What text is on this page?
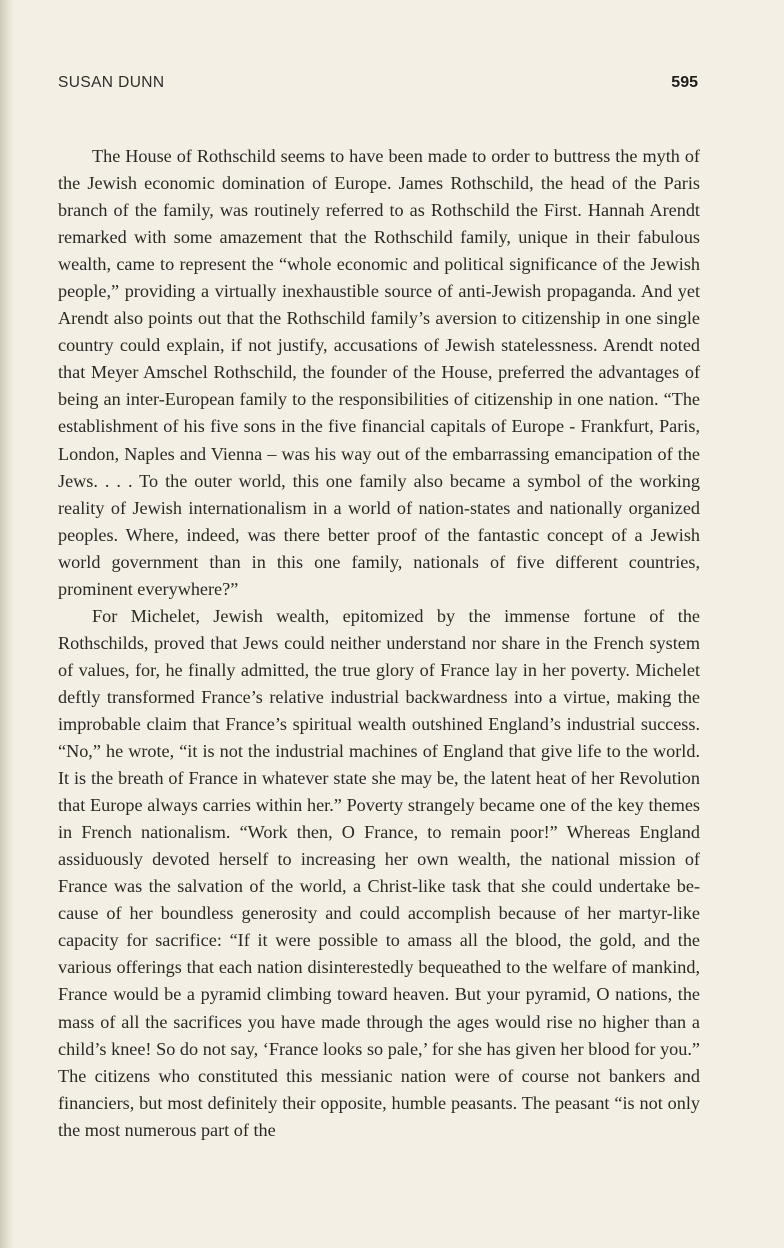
SUSAN DUNN	595

The House of Rothschild seems to have been made to order to buttress the myth of the Jewish economic domination of Europe. James Rothschild, the head of the Paris branch of the family, was routinely referred to as Rothschild the First. Hannah Arendt remarked with some amazement that the Rothschild family, unique in their fabulous wealth, came to represent the “whole economic and political significance of the Jewish people,” providing a virtually inexhaustible source of anti-Jewish propaganda. And yet Arendt also points out that the Rothschild family’s aversion to citizenship in one single country could explain, if not justify, accusations of Jewish statelessness. Arendt noted that Meyer Amschel Rothschild, the founder of the House, preferred the advantages of being an inter-European family to the responsibilities of citizenship in one nation. “The establishment of his five sons in the five financial capitals of Europe - Frankfurt, Paris, London, Naples and Vienna – was his way out of the embarrassing emancipation of the Jews. . . . To the outer world, this one family also became a symbol of the working reality of Jewish internationalism in a world of nation-states and nationally organized peoples. Where, indeed, was there better proof of the fantastic concept of a Jewish world government than in this one family, nationals of five different countries, prominent everywhere?”

For Michelet, Jewish wealth, epitomized by the immense fortune of the Rothschilds, proved that Jews could neither understand nor share in the French system of values, for, he finally admitted, the true glory of France lay in her poverty. Michelet deftly transformed France’s relative industrial backwardness into a virtue, making the improbable claim that France’s spiritual wealth outshined England’s industrial success. “No,” he wrote, “it is not the industrial machines of England that give life to the world. It is the breath of France in whatever state she may be, the latent heat of her Revolution that Europe always carries within her.” Poverty strangely became one of the key themes in French nationalism. “Work then, O France, to remain poor!” Whereas England assiduously devoted herself to increasing her own wealth, the national mission of France was the salvation of the world, a Christ-like task that she could undertake because of her boundless generosity and could accomplish because of her martyr-like capacity for sacrifice: “If it were possible to amass all the blood, the gold, and the various offerings that each nation disinterestedly bequeathed to the welfare of mankind, France would be a pyramid climbing toward heaven. But your pyramid, O nations, the mass of all the sacrifices you have made through the ages would rise no higher than a child’s knee! So do not say, ‘France looks so pale,’ for she has given her blood for you.” The citizens who constituted this messianic nation were of course not bankers and financiers, but most definitely their opposite, humble peasants. The peasant “is not only the most numerous part of the
